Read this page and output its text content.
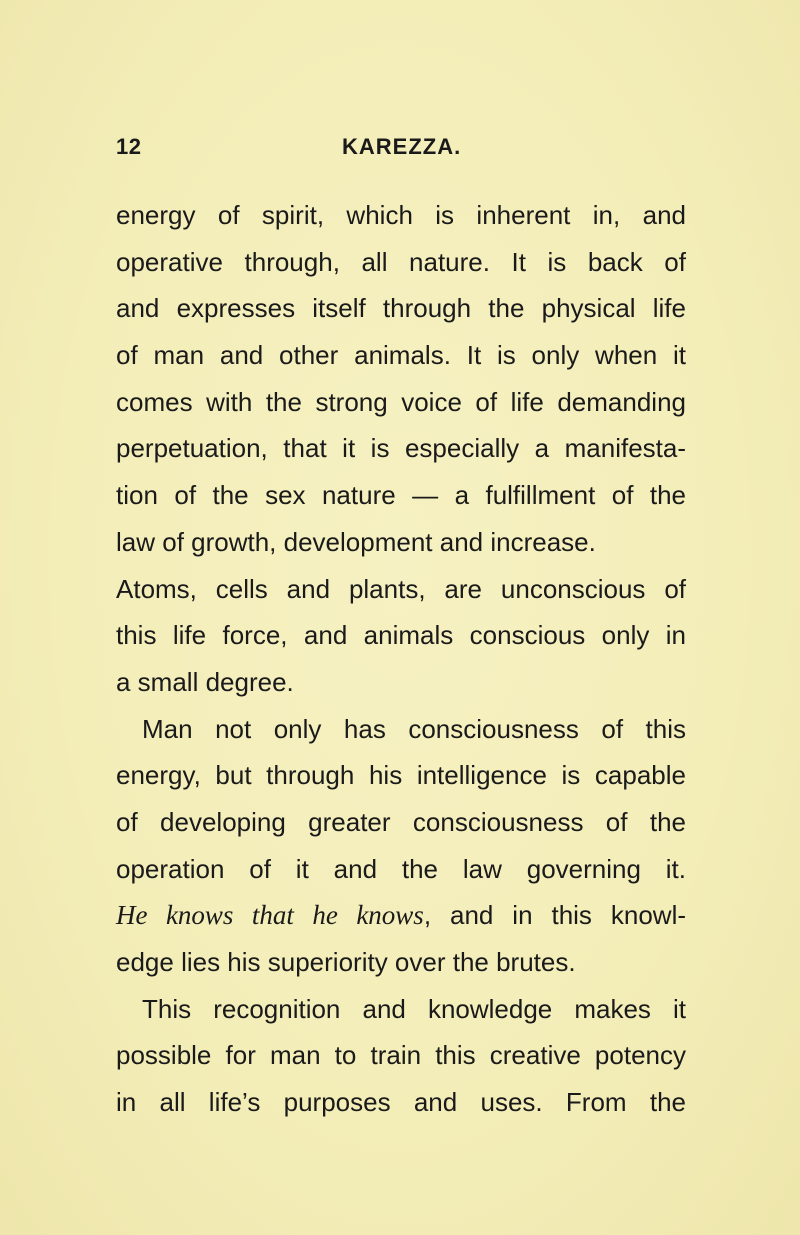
12	KAREZZA.
energy of spirit, which is inherent in, and
operative through, all nature. It is back of
and expresses itself through the physical life
of man and other animals. It is only when it
comes with the strong voice of life demanding
perpetuation, that it is especially a manifesta-
tion of the sex nature — a fulfillment of the
law of growth, development and increase.
Atoms, cells and plants, are unconscious of
this life force, and animals conscious only in
a small degree.
Man not only has consciousness of this
energy, but through his intelligence is capable
of developing greater consciousness of the
operation of it and the law governing it.
He knows that he knows, and in this knowl-
edge lies his superiority over the brutes.
This recognition and knowledge makes it
possible for man to train this creative potency
in all life’s purposes and uses. From the
